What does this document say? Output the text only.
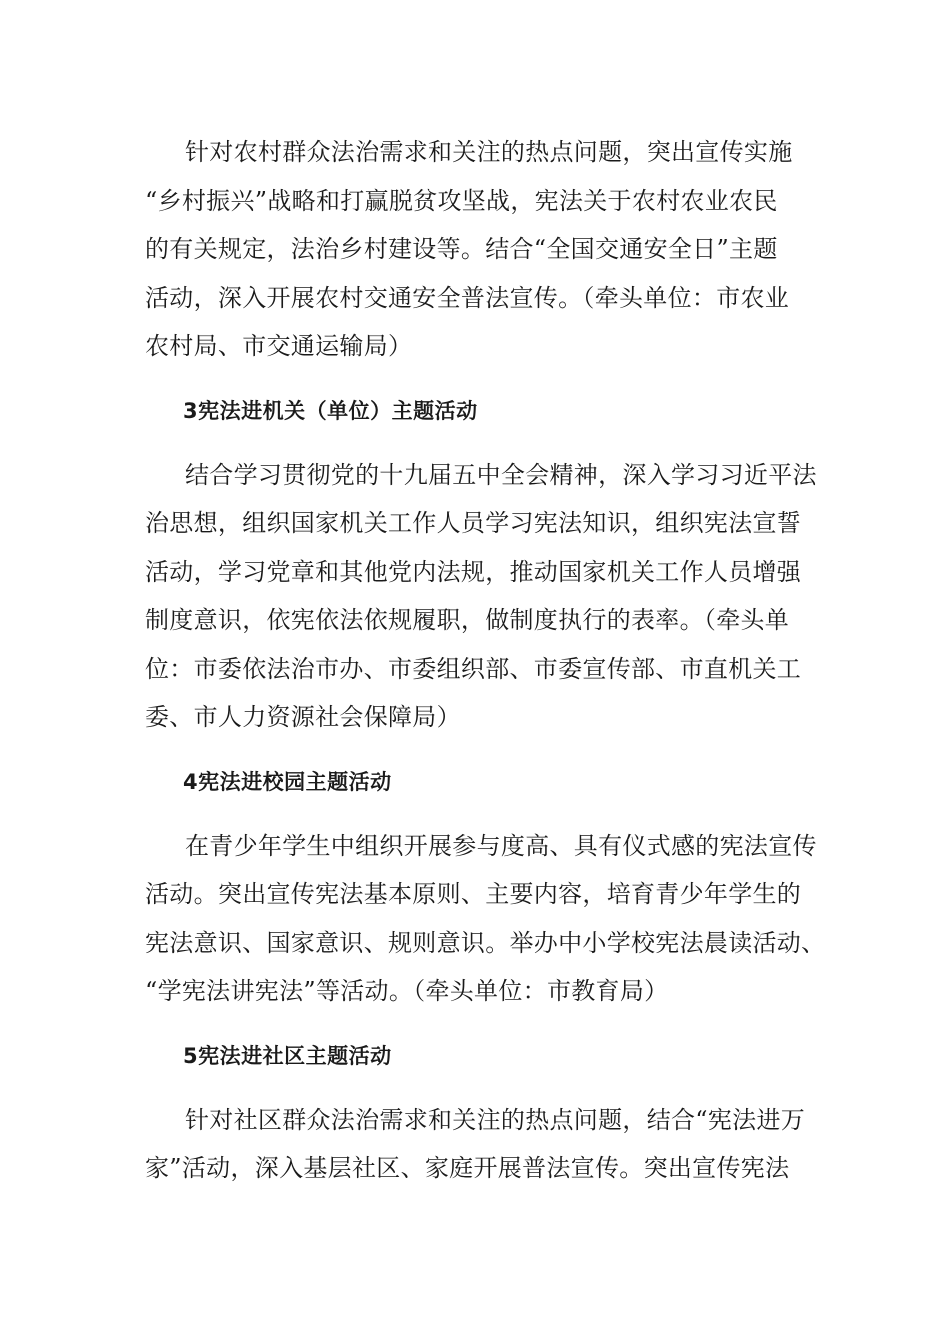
针对农村群众法治需求和关注的热点问题，突出宣传实施
“乡村振兴”战略和打赢脱贫攻坚战，宪法关于农村农业农民
的有关规定，法治乡村建设等。结合“全国交通安全日”主题
活动，深入开展农村交通安全普法宣传。（牵头单位：市农业
农村局、市交通运输局）

3宪法进机关（单位）主题活动

结合学习贯彻党的十九届五中全会精神，深入学习习近平法
治思想，组织国家机关工作人员学习宪法知识，组织宪法宣誓
活动，学习党章和其他党内法规，推动国家机关工作人员增强
制度意识，依宪依法依规履职，做制度执行的表率。（牵头单
位：市委依法治市办、市委组织部、市委宣传部、市直机关工
委、市人力资源社会保障局）

4宪法进校园主题活动

在青少年学生中组织开展参与度高、具有仪式感的宪法宣传
活动。突出宣传宪法基本原则、主要内容，培育青少年学生的
宪法意识、国家意识、规则意识。举办中小学校宪法晨读活动、
“学宪法讲宪法”等活动。（牵头单位：市教育局）

5宪法进社区主题活动

针对社区群众法治需求和关注的热点问题，结合“宪法进万
家”活动，深入基层社区、家庭开展普法宣传。突出宣传宪法
